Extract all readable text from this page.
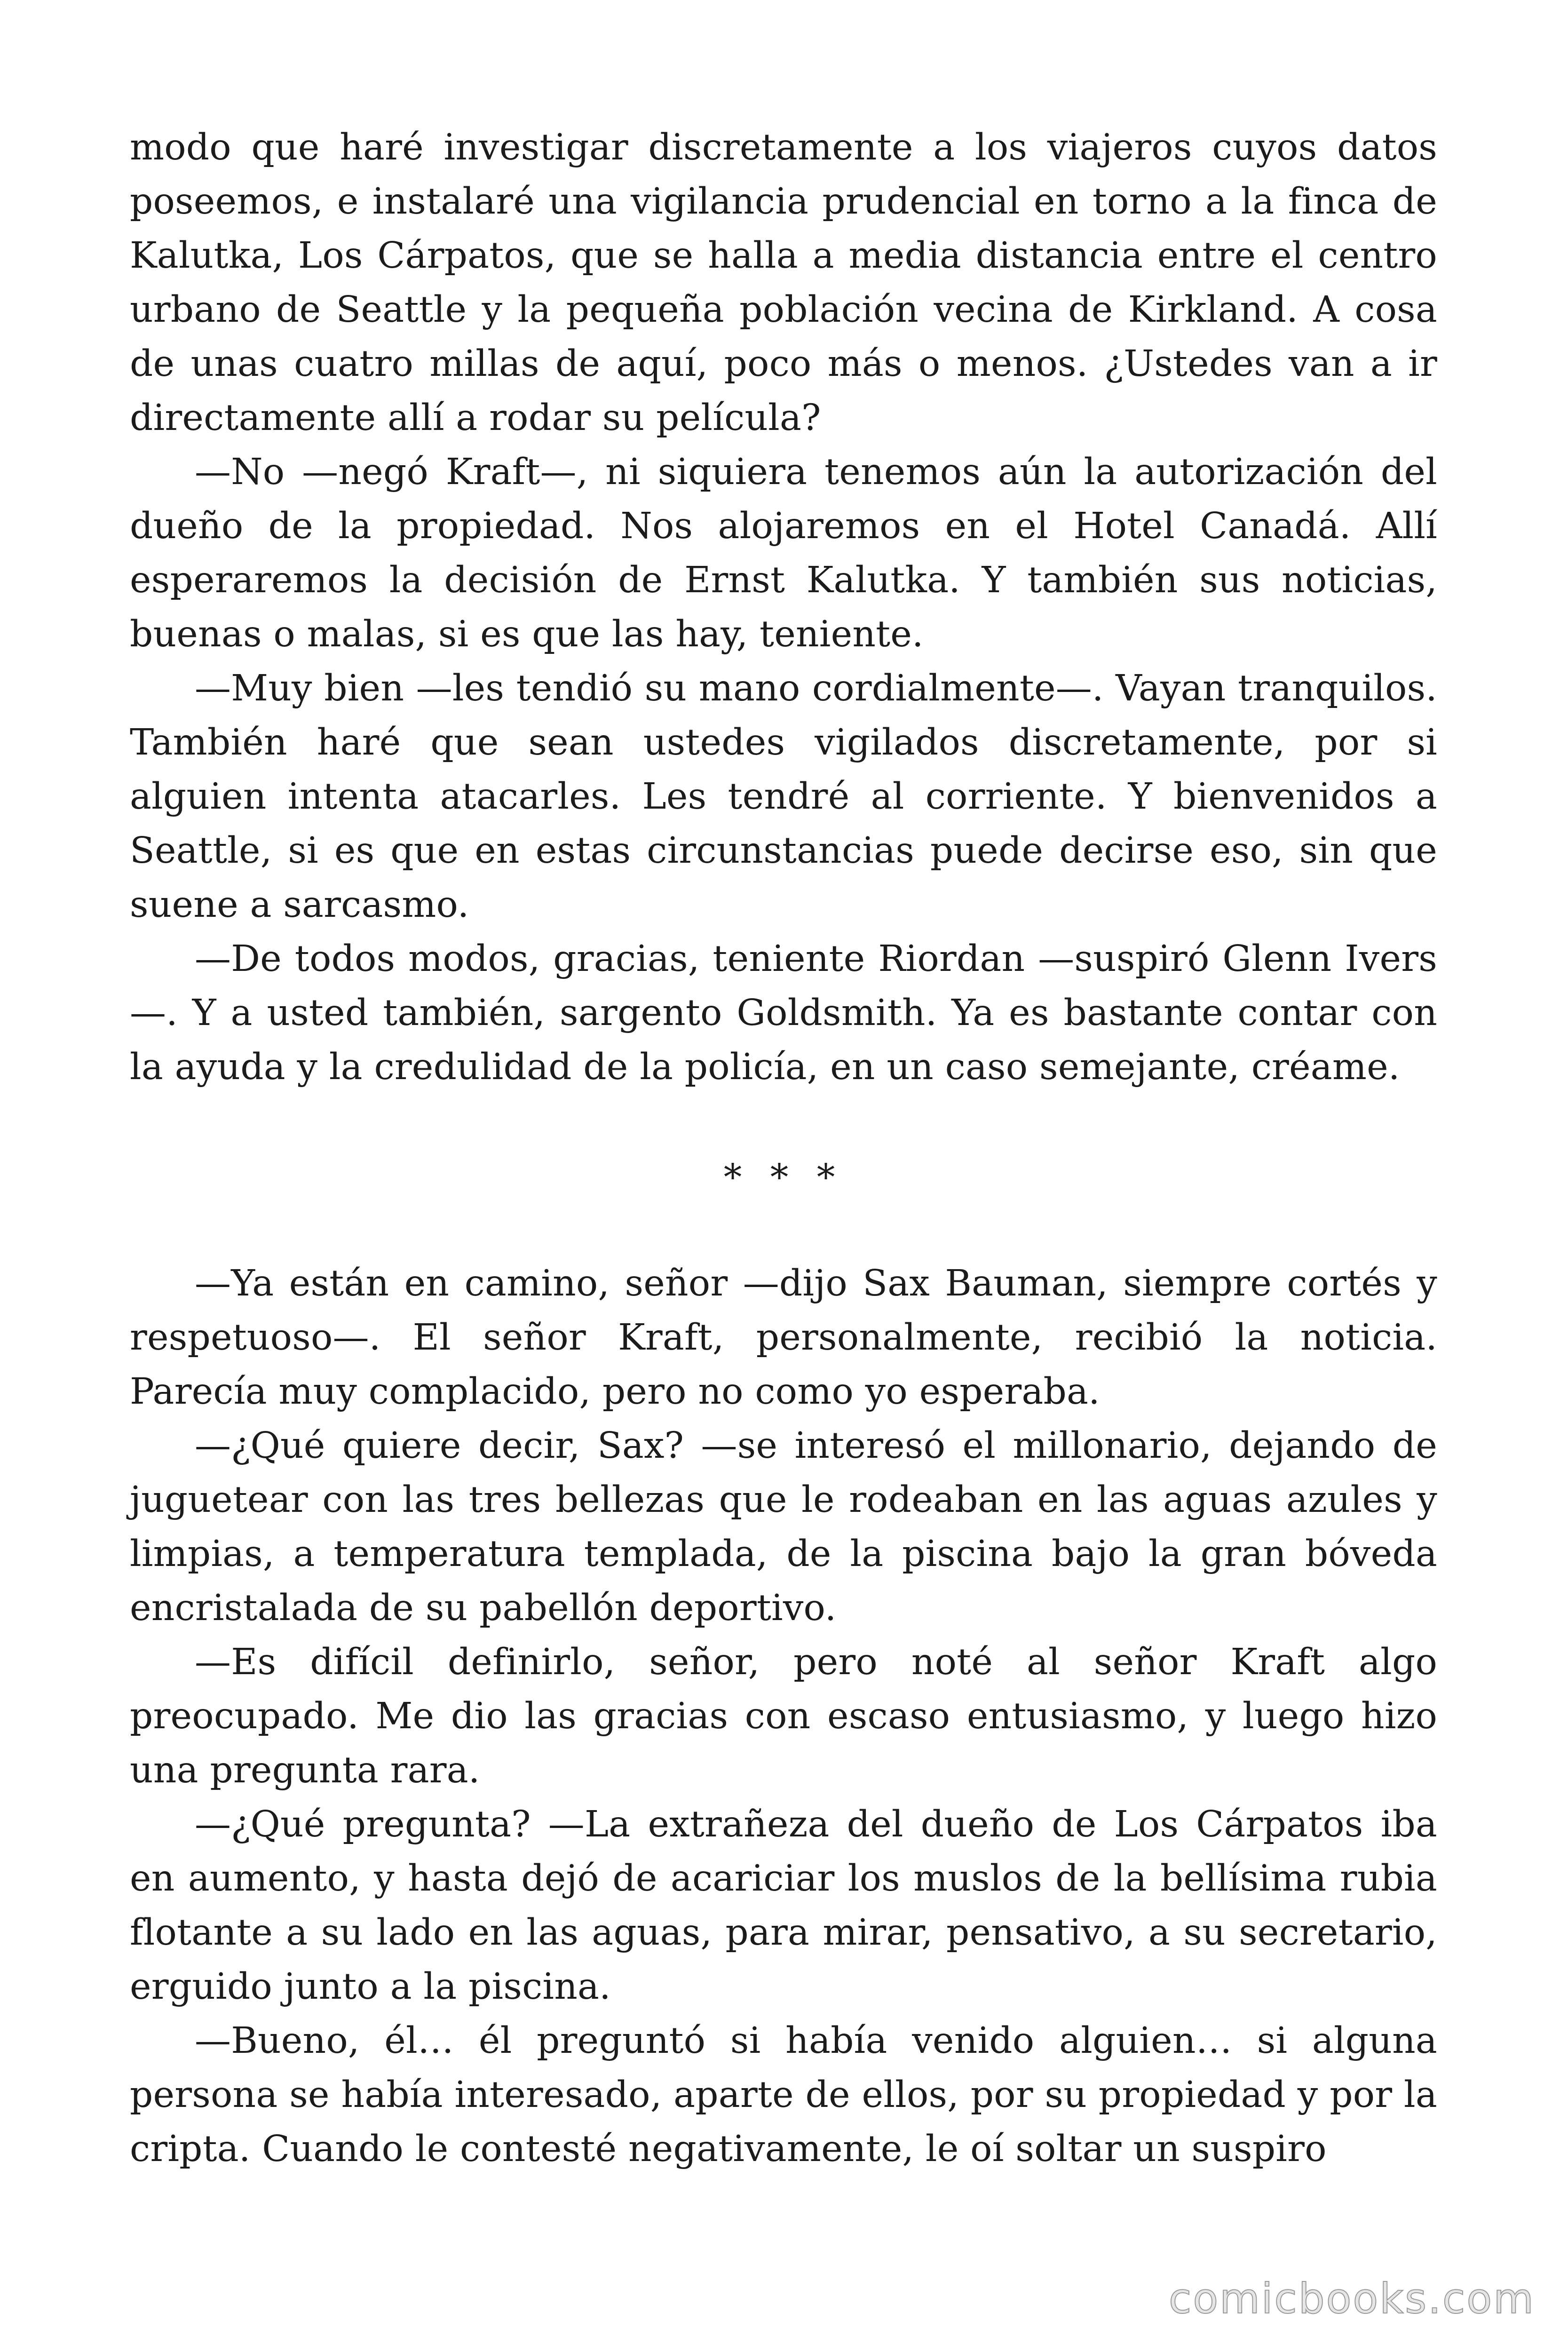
modo que haré investigar discretamente a los viajeros cuyos datos poseemos, e instalaré una vigilancia prudencial en torno a la finca de Kalutka, Los Cárpatos, que se halla a media distancia entre el centro urbano de Seattle y la pequeña población vecina de Kirkland. A cosa de unas cuatro millas de aquí, poco más o menos. ¿Ustedes van a ir directamente allí a rodar su película?

—No —negó Kraft—, ni siquiera tenemos aún la autorización del dueño de la propiedad. Nos alojaremos en el Hotel Canadá. Allí esperaremos la decisión de Ernst Kalutka. Y también sus noticias, buenas o malas, si es que las hay, teniente.

—Muy bien —les tendió su mano cordialmente—. Vayan tranquilos. También haré que sean ustedes vigilados discretamente, por si alguien intenta atacarles. Les tendré al corriente. Y bienvenidos a Seattle, si es que en estas circunstancias puede decirse eso, sin que suene a sarcasmo.

—De todos modos, gracias, teniente Riordan —suspiró Glenn Ivers—. Y a usted también, sargento Goldsmith. Ya es bastante contar con la ayuda y la credulidad de la policía, en un caso semejante, créame.

* * *

—Ya están en camino, señor —dijo Sax Bauman, siempre cortés y respetuoso—. El señor Kraft, personalmente, recibió la noticia. Parecía muy complacido, pero no como yo esperaba.

—¿Qué quiere decir, Sax? —se interesó el millonario, dejando de juguetear con las tres bellezas que le rodeaban en las aguas azules y limpias, a temperatura templada, de la piscina bajo la gran bóveda encristalada de su pabellón deportivo.

—Es difícil definirlo, señor, pero noté al señor Kraft algo preocupado. Me dio las gracias con escaso entusiasmo, y luego hizo una pregunta rara.

—¿Qué pregunta? —La extrañeza del dueño de Los Cárpatos iba en aumento, y hasta dejó de acariciar los muslos de la bellísima rubia flotante a su lado en las aguas, para mirar, pensativo, a su secretario, erguido junto a la piscina.

—Bueno, él… él preguntó si había venido alguien… si alguna persona se había interesado, aparte de ellos, por su propiedad y por la cripta. Cuando le contesté negativamente, le oí soltar un suspiro

comicbooks.com
